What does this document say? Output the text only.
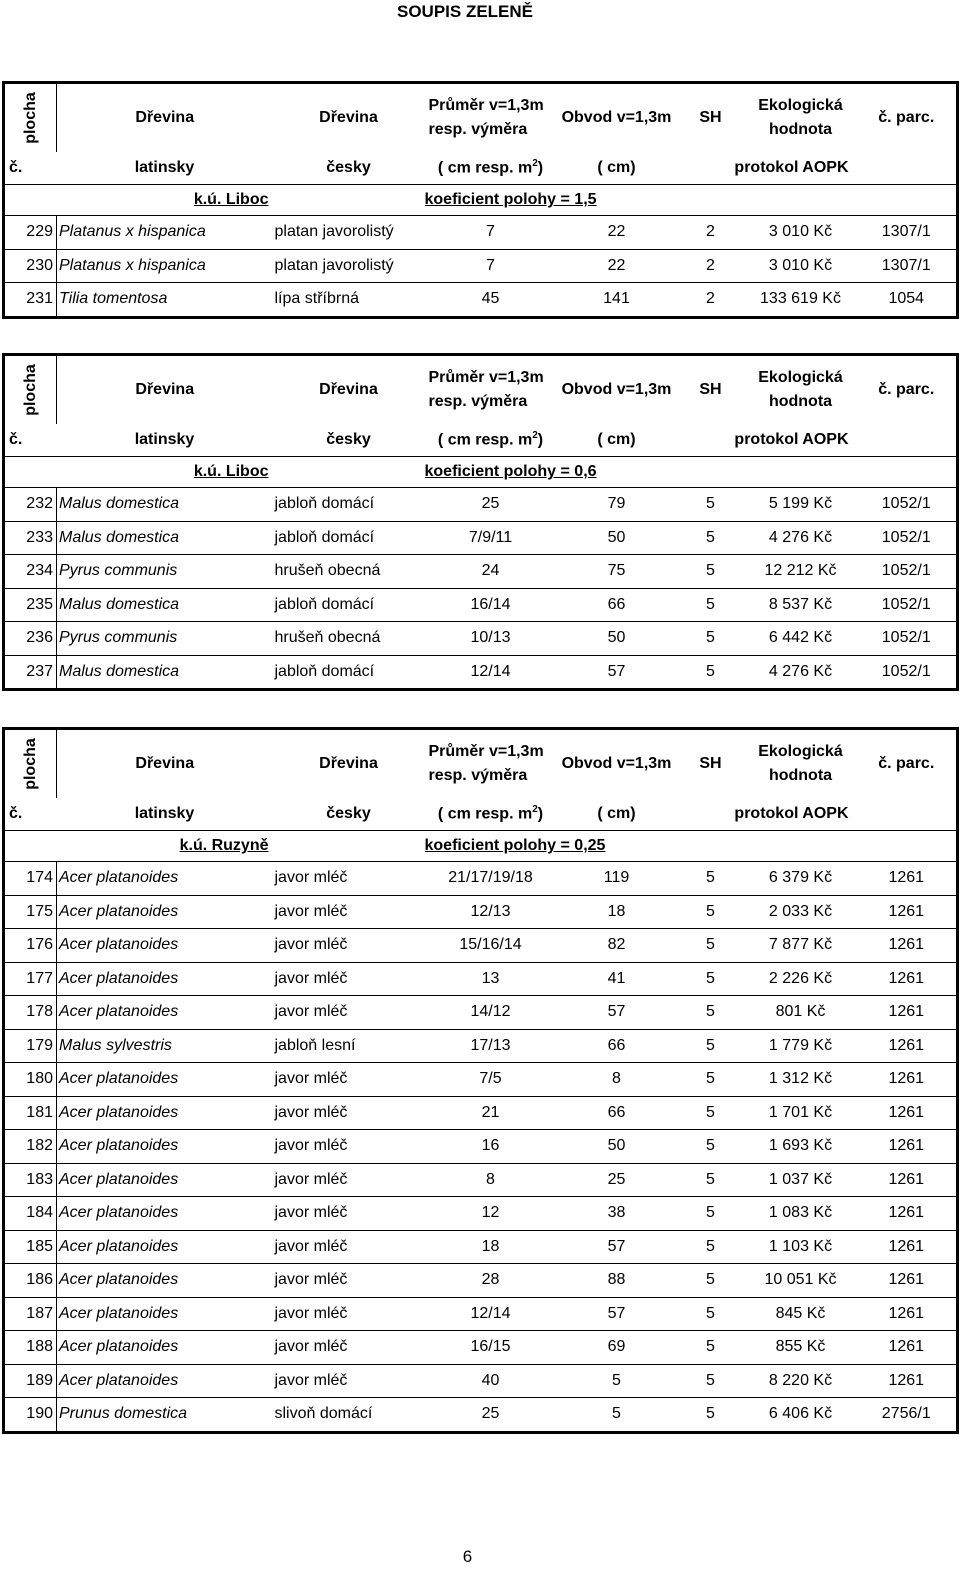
SOUPIS ZELENĚ
plocha	Dřevina	Dřevina	Průměr v=1,3m
resp. výměra	Obvod v=1,3m	SH	Ekologická
hodnota	č. parc.
č.	latinsky	česky	( cm resp. $m^2$)	( cm)	protokol AOPK		
k.ú. Liboc			koeficient polohy = 1,5				
229	Platanus x hispanica	platan javorolistý	7	22	2	3 010 Kč	1307/1
230	Platanus x hispanica	platan javorolistý	7	22	2	3 010 Kč	1307/1
231	Tilia tomentosa	lípa stříbrná	45	141	2	133 619 Kč	1054
plocha	Dřevina	Dřevina	Průměr v=1,3m
resp. výměra	Obvod v=1,3m	SH	Ekologická
hodnota	č. parc.
č.	latinsky	česky	( cm resp. $m^2$)	( cm)	protokol AOPK		
k.ú. Liboc			koeficient polohy = 0,6				
232	Malus domestica	jabloň domácí	25	79	5	5 199 Kč	1052/1
233	Malus domestica	jabloň domácí	7/9/11	50	5	4 276 Kč	1052/1
234	Pyrus communis	hrušeň obecná	24	75	5	12 212 Kč	1052/1
235	Malus domestica	jabloň domácí	16/14	66	5	8 537 Kč	1052/1
236	Pyrus communis	hrušeň obecná	10/13	50	5	6 442 Kč	1052/1
237	Malus domestica	jabloň domácí	12/14	57	5	4 276 Kč	1052/1
plocha	Dřevina	Dřevina	Průměr v=1,3m
resp. výměra	Obvod v=1,3m	SH	Ekologická
hodnota	č. parc.
č.	latinsky	česky	( cm resp. $m^2$)	( cm)	protokol AOPK		
k.ú. Ruzyně			koeficient polohy = 0,25				
174	Acer platanoides	javor mléč	21/17/19/18	119	5	6 379 Kč	1261
175	Acer platanoides	javor mléč	12/13	18	5	2 033 Kč	1261
176	Acer platanoides	javor mléč	15/16/14	82	5	7 877 Kč	1261
177	Acer platanoides	javor mléč	13	41	5	2 226 Kč	1261
178	Acer platanoides	javor mléč	14/12	57	5	801 Kč	1261
179	Malus sylvestris	jabloň lesní	17/13	66	5	1 779 Kč	1261
180	Acer platanoides	javor mléč	7/5	8	5	1 312 Kč	1261
181	Acer platanoides	javor mléč	21	66	5	1 701 Kč	1261
182	Acer platanoides	javor mléč	16	50	5	1 693 Kč	1261
183	Acer platanoides	javor mléč	8	25	5	1 037 Kč	1261
184	Acer platanoides	javor mléč	12	38	5	1 083 Kč	1261
185	Acer platanoides	javor mléč	18	57	5	1 103 Kč	1261
186	Acer platanoides	javor mléč	28	88	5	10 051 Kč	1261
187	Acer platanoides	javor mléč	12/14	57	5	845 Kč	1261
188	Acer platanoides	javor mléč	16/15	69	5	855 Kč	1261
189	Acer platanoides	javor mléč	40	5	5	8 220 Kč	1261
190	Prunus domestica	slivoň domácí	25	5	5	6 406 Kč	2756/1
6
